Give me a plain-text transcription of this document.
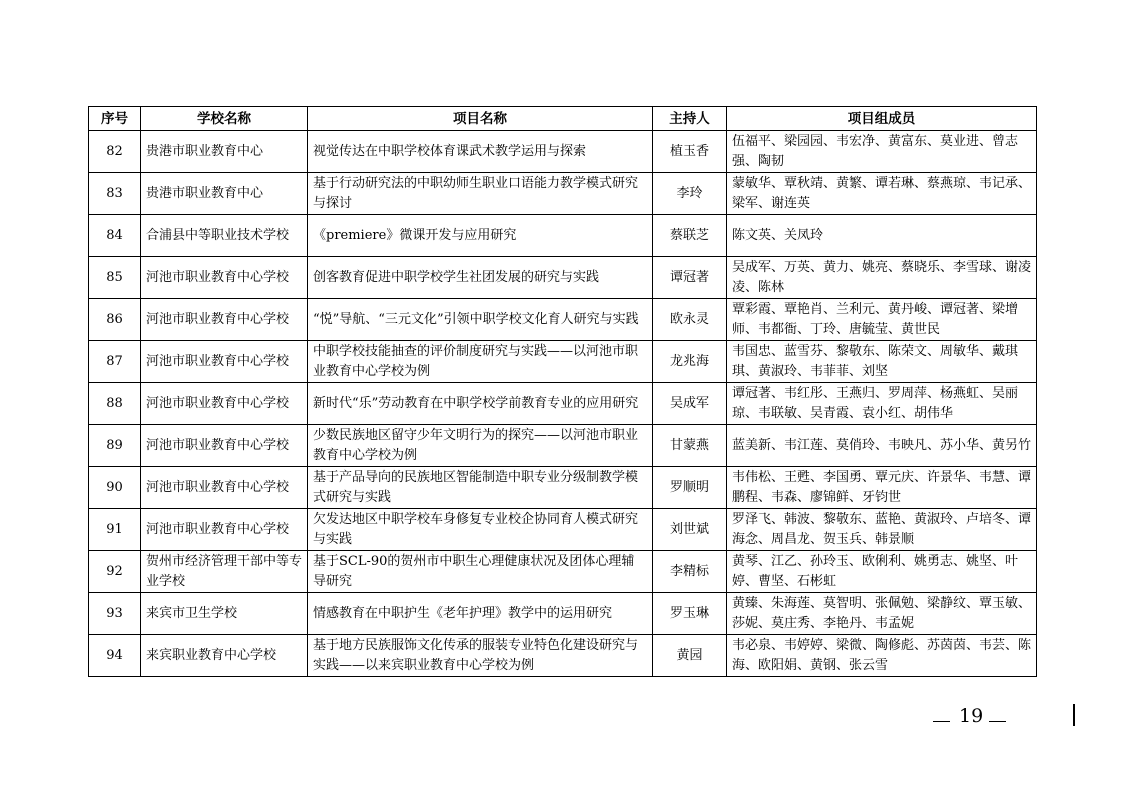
序号	学校名称	项目名称	主持人	项目组成员
82	贵港市职业教育中心	视觉传达在中职学校体育课武术教学运用与探索	植玉香	伍福平、梁园园、韦宏净、黄富东、莫业进、曾志强、陶韧
83	贵港市职业教育中心	基于行动研究法的中职幼师生职业口语能力教学模式研究与探讨	李玲	蒙敏华、覃秋靖、黄繁、谭若琳、蔡燕琼、韦记承、梁军、谢连英
84	合浦县中等职业技术学校	《premiere》微课开发与应用研究	蔡联芝	陈文英、关凤玲
85	河池市职业教育中心学校	创客教育促进中职学校学生社团发展的研究与实践	谭冠著	吴成军、万英、黄力、姚亮、蔡晓乐、李雪球、谢凌凌、陈林
86	河池市职业教育中心学校	“悦”导航、“三元文化”引领中职学校文化育人研究与实践	欧永灵	覃彩霞、覃艳肖、兰利元、黄丹峻、谭冠著、梁增师、韦都衙、丁玲、唐毓莹、黄世民
87	河池市职业教育中心学校	中职学校技能抽查的评价制度研究与实践——以河池市职业教育中心学校为例	龙兆海	韦国忠、蓝雪芬、黎敬东、陈荣文、周敏华、戴琪琪、黄淑玲、韦菲菲、刘坚
88	河池市职业教育中心学校	新时代“乐”劳动教育在中职学校学前教育专业的应用研究	吴成军	谭冠著、韦红彤、王燕归、罗周萍、杨燕虹、吴丽琼、韦联敏、吴青霞、袁小红、胡伟华
89	河池市职业教育中心学校	少数民族地区留守少年文明行为的探究——以河池市职业教育中心学校为例	甘蒙燕	蓝美新、韦江莲、莫俏玲、韦映凡、苏小华、黄另竹
90	河池市职业教育中心学校	基于产品导向的民族地区智能制造中职专业分级制教学模式研究与实践	罗顺明	韦伟松、王甦、李国勇、覃元庆、许景华、韦慧、谭鹏程、韦森、廖锦鲜、牙钧世
91	河池市职业教育中心学校	欠发达地区中职学校车身修复专业校企协同育人模式研究与实践	刘世斌	罗泽飞、韩波、黎敬东、蓝艳、黄淑玲、卢培冬、谭海念、周昌龙、贺玉兵、韩景顺
92	贺州市经济管理干部中等专业学校	基于SCL-90的贺州市中职生心理健康状况及团体心理辅导研究	李精标	黄琴、江乙、孙玲玉、欧俐利、姚勇志、姚坚、叶婷、曹坚、石彬虹
93	来宾市卫生学校	情感教育在中职护生《老年护理》教学中的运用研究	罗玉琳	黄臻、朱海莲、莫智明、张佩勉、梁静纹、覃玉敏、莎妮、莫庄秀、李艳丹、韦孟妮
94	来宾职业教育中心学校	基于地方民族服饰文化传承的服装专业特色化建设研究与实践——以来宾职业教育中心学校为例	黄园	韦必泉、韦婷婷、梁微、陶修彪、苏茵茵、韦芸、陈海、欧阳娟、黄钢、张云雪
19
